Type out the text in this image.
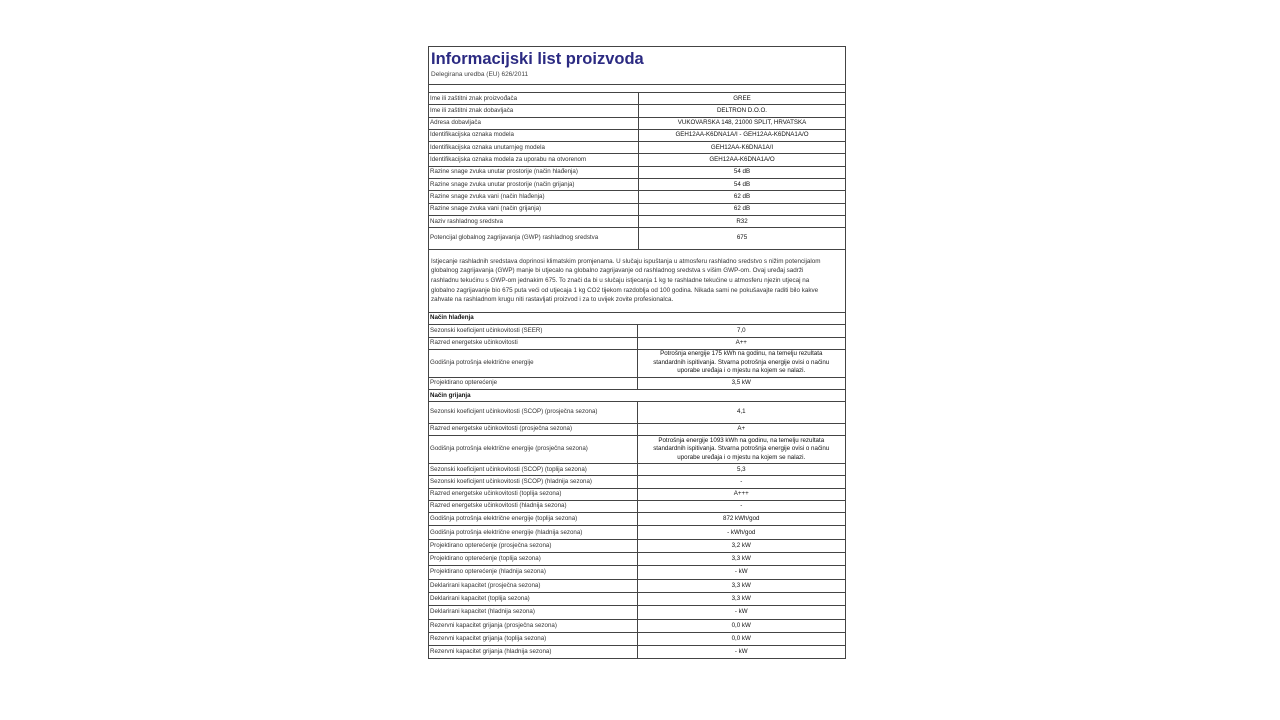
Informacijski list proizvoda
Delegirana uredba (EU) 626/2011
Ime ili zaštitni znak proizvođača	GREE
Ime ili zaštitni znak dobavljača	DELTRON D.O.O.
Adresa dobavljača	VUKOVARSKA 148, 21000 SPLIT, HRVATSKA
Identifikacijska oznaka modela	GEH12AA-K6DNA1A/I - GEH12AA-K6DNA1A/O
Identifikacijska oznaka unutarnjeg modela	GEH12AA-K6DNA1A/I
Identifikacijska oznaka modela za uporabu na otvorenom	GEH12AA-K6DNA1A/O
Razine snage zvuka unutar prostorije (način hlađenja)	54 dB
Razine snage zvuka unutar prostorije (način grijanja)	54 dB
Razine snage zvuka vani (način hlađenja)	62 dB
Razine snage zvuka vani (način grijanja)	62 dB
Naziv rashladnog sredstva	R32
Potencijal globalnog zagrijavanja (GWP) rashladnog sredstva	675
Istjecanje rashladnih sredstava doprinosi klimatskim promjenama. U slučaju ispuštanja u atmosferu rashladno sredstvo s nižim potencijalom
globalnog zagrijavanja (GWP) manje bi utjecalo na globalno zagrijavanje od rashladnog sredstva s višim GWP-om. Ovaj uređaj sadrži
rashladnu tekućinu s GWP-om jednakim 675. To znači da bi u slučaju istjecanja 1 kg te rashladne tekućine u atmosferu njezin utjecaj na
globalno zagrijavanje bio 675 puta veći od utjecaja 1 kg CO2 tijekom razdoblja od 100 godina. Nikada sami ne pokušavajte raditi bilo kakve
zahvate na rashladnom krugu niti rastavljati proizvod i za to uvijek zovite profesionalca.
Način hlađenja	
Sezonski koeficijent učinkovitosti (SEER)	7,0
Razred energetske učinkovitosti	A++
Godišnja potrošnja električne energije	Potrošnja energije 175 kWh na godinu, na temelju rezultata standardnih ispitivanja. Stvarna potrošnja energije ovisi o načinu uporabe uređaja i o mjestu na kojem se nalazi.
Projektirano opterećenje	3,5 kW
Način grijanja	
Sezonski koeficijent učinkovitosti (SCOP) (prosječna sezona)	4,1
Razred energetske učinkovitosti (prosječna sezona)	A+
Godišnja potrošnja električne energije (prosječna sezona)	Potrošnja energije 1093 kWh na godinu, na temelju rezultata standardnih ispitivanja. Stvarna potrošnja energije ovisi o načinu uporabe uređaja i o mjestu na kojem se nalazi.
Sezonski koeficijent učinkovitosti (SCOP) (toplija sezona)	5,3
Sezonski koeficijent učinkovitosti (SCOP) (hladnija sezona)	-
Razred energetske učinkovitosti (toplija sezona)	A+++
Razred energetske učinkovitosti (hladnija sezona)	-
Godišnja potrošnja električne energije (toplija sezona)	872 kWh/god
Godišnja potrošnja električne energije (hladnija sezona)	- kWh/god
Projektirano opterećenje (prosječna sezona)	3,2 kW
Projektirano opterećenje (toplija sezona)	3,3 kW
Projektirano opterećenje (hladnija sezona)	- kW
Deklarirani kapacitet (prosječna sezona)	3,3 kW
Deklarirani kapacitet (toplija sezona)	3,3 kW
Deklarirani kapacitet (hladnija sezona)	- kW
Rezervni kapacitet grijanja (prosječna sezona)	0,0 kW
Rezervni kapacitet grijanja (toplija sezona)	0,0 kW
Rezervni kapacitet grijanja (hladnija sezona)	- kW
